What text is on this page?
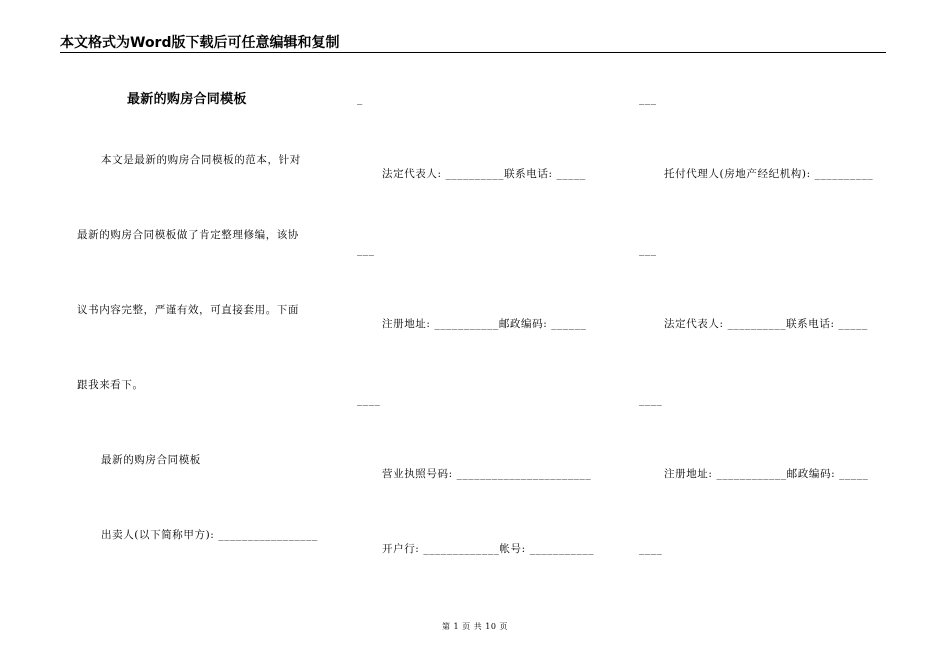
本文格式为Word版下载后可任意编辑和复制
最新的购房合同模板
本文是最新的购房合同模板的范本，针对
最新的购房合同模板做了肯定整理修编，该协
议书内容完整，严谨有效，可直接套用。下面
跟我来看下。
最新的购房合同模板
出卖人(以下简称甲方): _________________
_
法定代表人: __________联系电话: _____
___
注册地址: ___________邮政编码: ______
____
营业执照号码: _______________________
开户行: _____________帐号: ___________
___
托付代理人(房地产经纪机构): __________
___
法定代表人: __________联系电话: _____
____
注册地址: ____________邮政编码: _____
____
第 1 页 共 10 页
